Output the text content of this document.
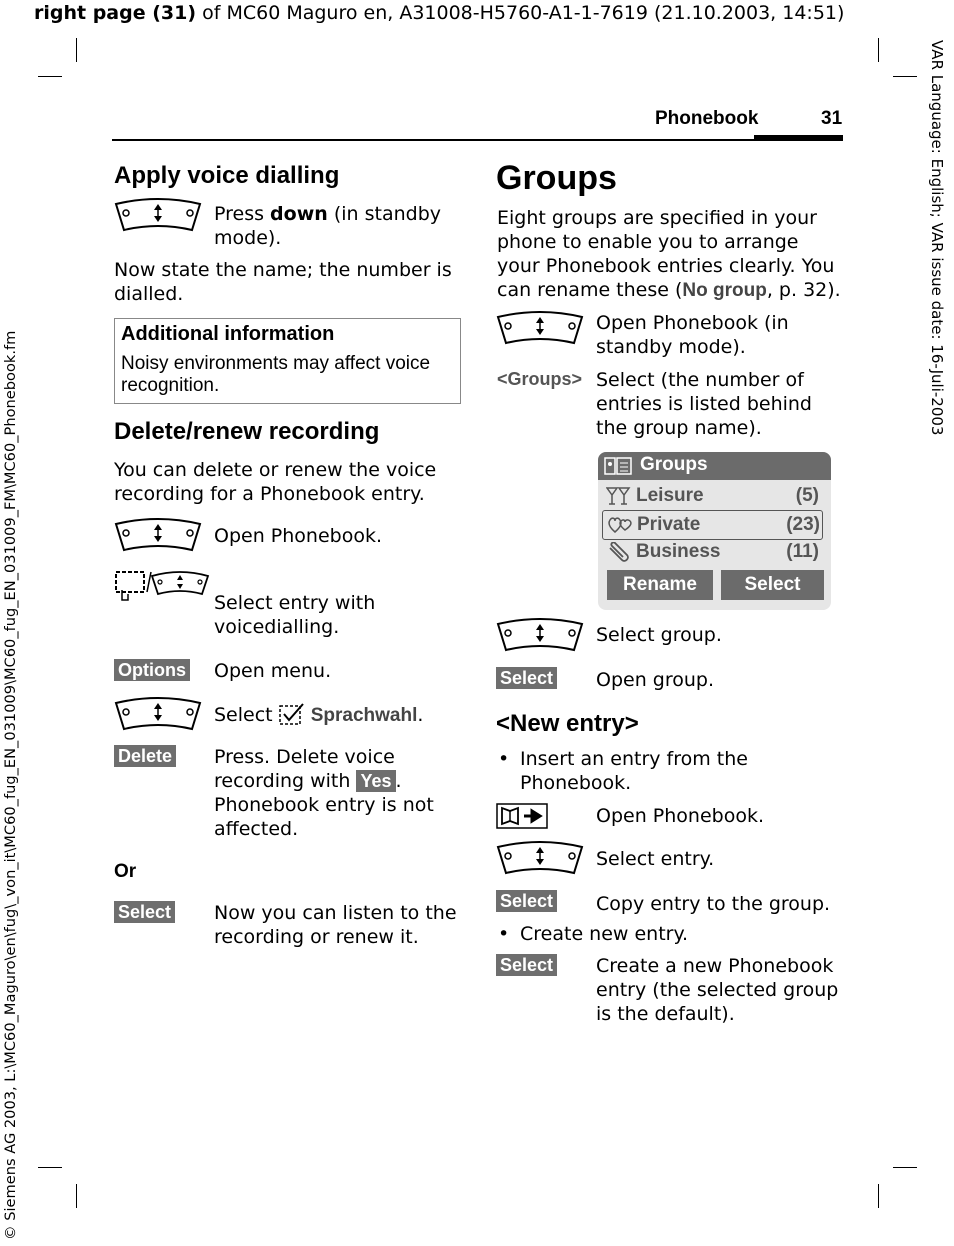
right page (31) of MC60 Maguro en, A31008-H5760-A1-1-7619 (21.10.2003, 14:51)
VAR Language: English; VAR issue date: 16-Juli-2003
© Siemens AG 2003, L:\MC60_Maguro\en\fug\_von_it\MC60_fug_EN_031009\MC60_fug_EN_031009_FM\MC60_Phonebook.fm
Phonebook	31
Apply voice dialling
Press down (in standby mode).
Now state the name; the number is dialled.
Additional information
Noisy environments may affect voice recognition.
Delete/renew recording
You can delete or renew the voice recording for a Phonebook entry.
Open Phonebook.
Select entry with voicedialling.
Options Open menu.
Select  Sprachwahl.
Delete Press. Delete voice recording with Yes . Phonebook entry is not affected.
Or
Select Now you can listen to the recording or renew it.
Groups
Eight groups are specified in your phone to enable you to arrange your Phonebook entries clearly. You can rename these (No group, p. 32).
Open Phonebook (in standby mode).
<Groups> Select (the number of entries is listed behind the group name).
Groups
Leisure	(5)
Private	(23)
Business	(11)
Rename	Select
Select group.
Select Open group.
<New entry>
• Insert an entry from the Phonebook.
Open Phonebook.
Select entry.
Select Copy entry to the group.
• Create new entry.
Select Create a new Phonebook entry (the selected group is the default).
